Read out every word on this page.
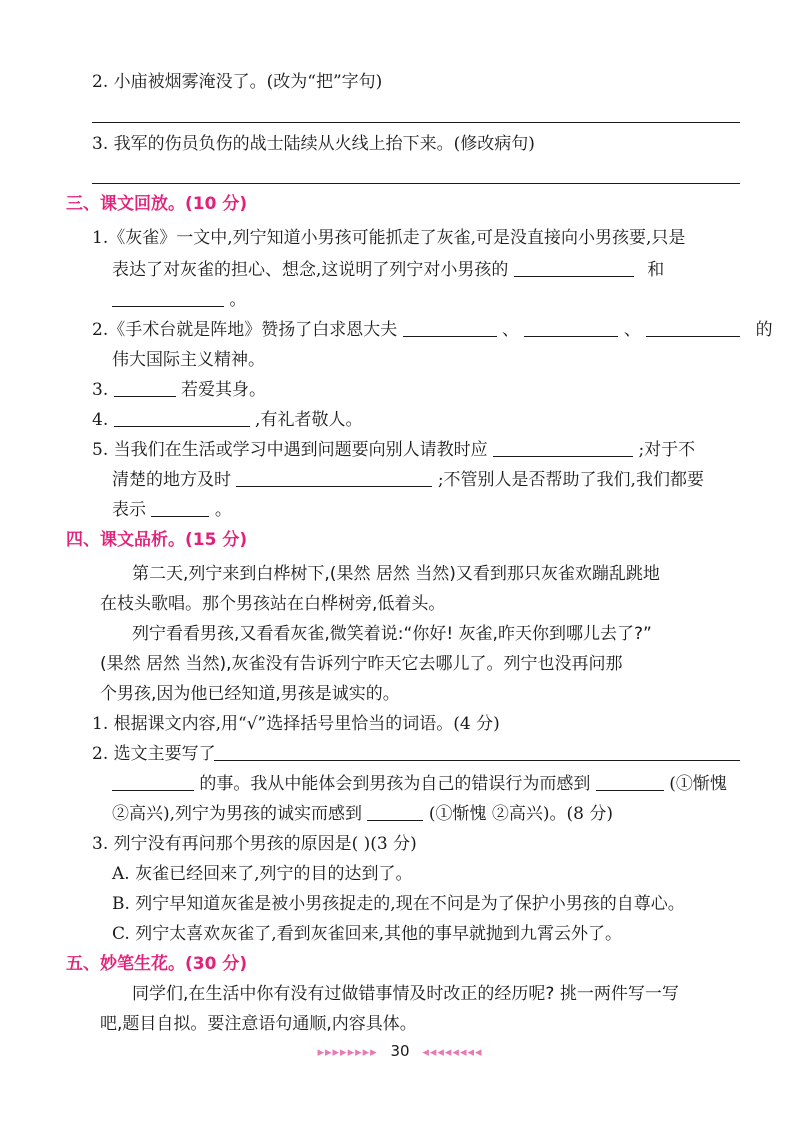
2. 小庙被烟雾淹没了。(改为“把”字句)
3. 我军的伤员负伤的战士陆续从火线上抬下来。(修改病句)
三、课文回放。(10 分)
1.《灰雀》一文中,列宁知道小男孩可能抓走了灰雀,可是没直接向小男孩要,只是
表达了对灰雀的担心、想念,这说明了列宁对小男孩的	和
。
2.《手术台就是阵地》赞扬了白求恩大夫	、	、	的
伟大国际主义精神。
3.	若爱其身。
4.	,有礼者敬人。
5. 当我们在生活或学习中遇到问题要向别人请教时应	;对于不
清楚的地方及时	;不管别人是否帮助了我们,我们都要
表示	。
四、课文品析。(15 分)
第二天,列宁来到白桦树下,(果然 居然 当然)又看到那只灰雀欢蹦乱跳地
在枝头歌唱。那个男孩站在白桦树旁,低着头。
列宁看看男孩,又看看灰雀,微笑着说:“你好! 灰雀,昨天你到哪儿去了?”
(果然 居然 当然),灰雀没有告诉列宁昨天它去哪儿了。列宁也没再问那
个男孩,因为他已经知道,男孩是诚实的。
1. 根据课文内容,用“√”选择括号里恰当的词语。(4 分)
2. 选文主要写了
的事。我从中能体会到男孩为自己的错误行为而感到	(①惭愧
②高兴),列宁为男孩的诚实而感到	(①惭愧 ②高兴)。(8 分)
3. 列宁没有再问那个男孩的原因是( )(3 分)
A. 灰雀已经回来了,列宁的目的达到了。
B. 列宁早知道灰雀是被小男孩捉走的,现在不问是为了保护小男孩的自尊心。
C. 列宁太喜欢灰雀了,看到灰雀回来,其他的事早就抛到九霄云外了。
五、妙笔生花。(30 分)
同学们,在生活中你有没有过做错事情及时改正的经历呢? 挑一两件写一写
吧,题目自拟。要注意语句通顺,内容具体。
▸▸▸▸▸▸▸▸ 30 ◂◂◂◂◂◂◂◂
